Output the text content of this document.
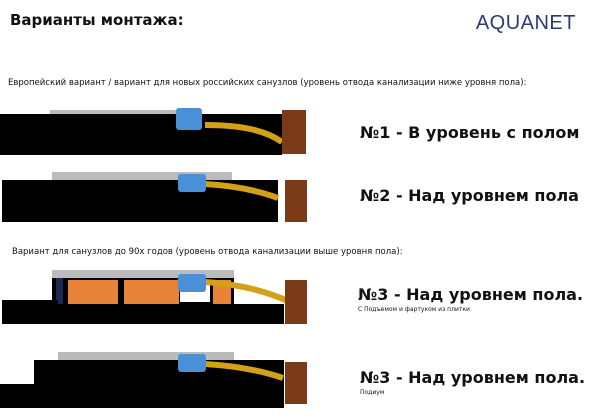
Варианты монтажа:	AQUANET
Европейский вариант / вариант для новых российских санузлов (уровень отвода канализации ниже уровня пола):
№1 - В уровень с полом
№2 - Над уровнем пола
Вариант для санузлов до 90х годов (уровень отвода канализации выше уровня пола):
№3 - Над уровнем пола.
С Подъемом и фартуком из плитки
№3 - Над уровнем пола.
Подиум
